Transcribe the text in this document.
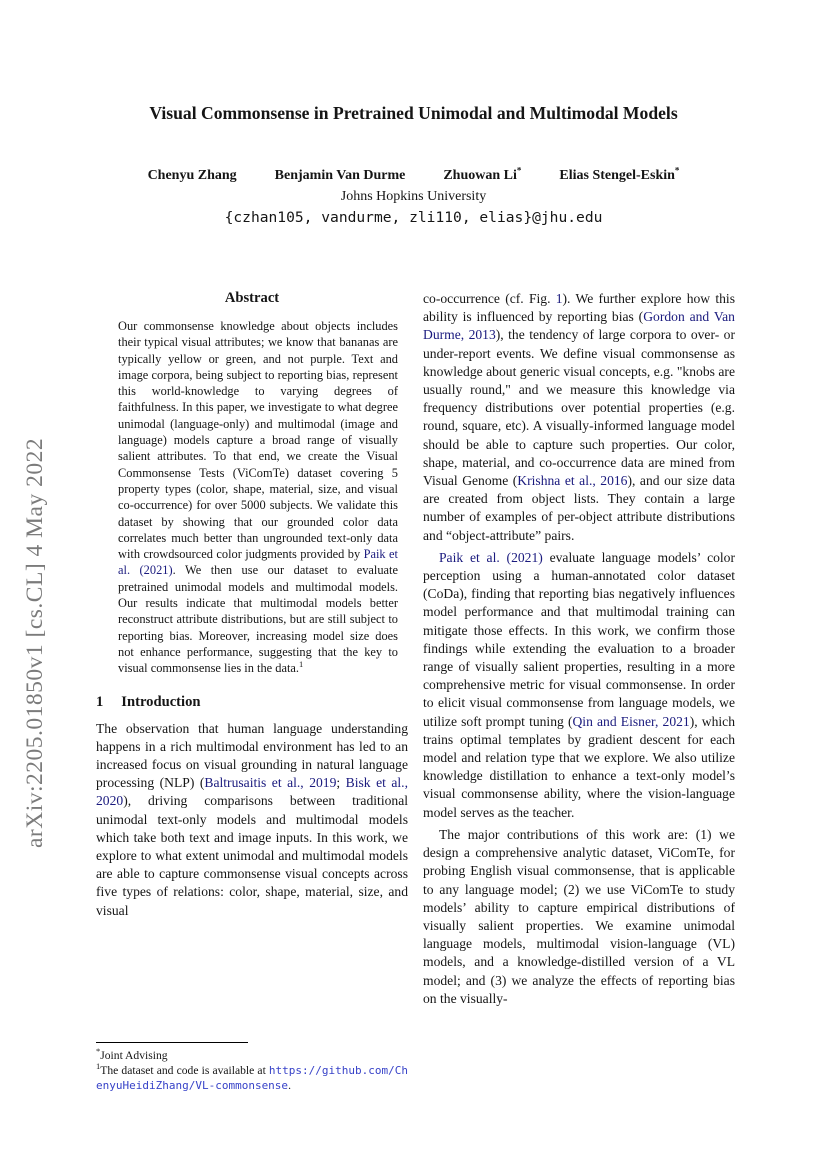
arXiv:2205.01850v1 [cs.CL] 4 May 2022
Visual Commonsense in Pretrained Unimodal and Multimodal Models
Chenyu Zhang	Benjamin Van Durme	Zhuowan Li*	Elias Stengel-Eskin*
Johns Hopkins University
{czhan105, vandurme, zli110, elias}@jhu.edu
Abstract

Our commonsense knowledge about objects includes their typical visual attributes; we know that bananas are typically yellow or green, and not purple. Text and image corpora, being subject to reporting bias, represent this world-knowledge to varying degrees of faithfulness. In this paper, we investigate to what degree unimodal (language-only) and multimodal (image and language) models capture a broad range of visually salient attributes. To that end, we create the Visual Commonsense Tests (ViComTe) dataset covering 5 property types (color, shape, material, size, and visual co-occurrence) for over 5000 subjects. We validate this dataset by showing that our grounded color data correlates much better than ungrounded text-only data with crowdsourced color judgments provided by Paik et al. (2021). We then use our dataset to evaluate pretrained unimodal models and multimodal models. Our results indicate that multimodal models better reconstruct attribute distributions, but are still subject to reporting bias. Moreover, increasing model size does not enhance performance, suggesting that the key to visual commonsense lies in the data.$^1$

1 Introduction

The observation that human language understanding happens in a rich multimodal environment has led to an increased focus on visual grounding in natural language processing (NLP) (Baltrusaitis et al., 2019; Bisk et al., 2020), driving comparisons between traditional unimodal text-only models and multimodal models which take both text and image inputs. In this work, we explore to what extent unimodal and multimodal models are able to capture commonsense visual concepts across five types of relations: color, shape, material, size, and visual

co-occurrence (cf. Fig. 1). We further explore how this ability is influenced by reporting bias (Gordon and Van Durme, 2013), the tendency of large corpora to over- or under-report events. We define visual commonsense as knowledge about generic visual concepts, e.g. "knobs are usually round," and we measure this knowledge via frequency distributions over potential properties (e.g. round, square, etc). A visually-informed language model should be able to capture such properties. Our color, shape, material, and co-occurrence data are mined from Visual Genome (Krishna et al., 2016), and our size data are created from object lists. They contain a large number of examples of per-object attribute distributions and “object-attribute” pairs.

Paik et al. (2021) evaluate language models’ color perception using a human-annotated color dataset (CoDa), finding that reporting bias negatively influences model performance and that multimodal training can mitigate those effects. In this work, we confirm those findings while extending the evaluation to a broader range of visually salient properties, resulting in a more comprehensive metric for visual commonsense. In order to elicit visual commonsense from language models, we utilize soft prompt tuning (Qin and Eisner, 2021), which trains optimal templates by gradient descent for each model and relation type that we explore. We also utilize knowledge distillation to enhance a text-only model’s visual commonsense ability, where the vision-language model serves as the teacher.

The major contributions of this work are: (1) we design a comprehensive analytic dataset, ViComTe, for probing English visual commonsense, that is applicable to any language model; (2) we use ViComTe to study models’ ability to capture empirical distributions of visually salient properties. We examine unimodal language models, multimodal vision-language (VL) models, and a knowledge-distilled version of a VL model; and (3) we analyze the effects of reporting bias on the visually-

*Joint Advising

$^1$The dataset and code is available at https://github.com/ChenyuHeidiZhang/VL-commonsense.
